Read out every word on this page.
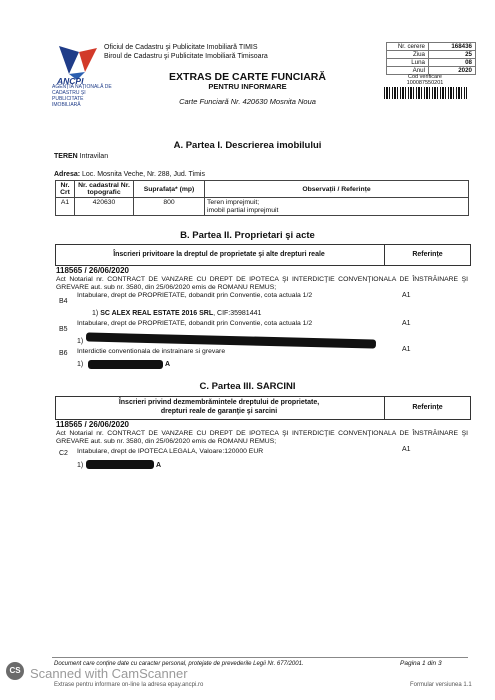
ANCPI
AGENȚIA NAȚIONALĂ DE CADASTRU ȘI PUBLICITATE IMOBILIARĂ
Oficiul de Cadastru şi Publicitate Imobiliară TIMIS
Biroul de Cadastru şi Publicitate Imobiliară Timisoara
Nr. cerere	168436
Ziua	25
Luna	08
Anul	2020
Cod verificare
100087550201
EXTRAS DE CARTE FUNCIARĂ
PENTRU INFORMARE
Carte Funciară Nr. 420630 Mosnita Noua
A. Partea I. Descrierea imobilului
TEREN Intravilan
Adresa: Loc. Mosnita Veche, Nr. 288, Jud. Timis
Nr. Crt	Nr. cadastral Nr. topografic	Suprafața* (mp)	Observații / Referințe
A1	420630	800	Teren imprejmuit;
imobil partial imprejmuit
B. Partea II. Proprietari şi acte
Înscrieri privitoare la dreptul de proprietate şi alte drepturi reale	Referințe
118565 / 26/06/2020
Act Notarial nr. CONTRACT DE VANZARE CU DREPT DE IPOTECA ŞI INTERDICŢIE CONVENŢIONALA DE ÎNSTRĂINARE ŞI GREVARE aut. sub nr. 3580, din 25/06/2020 emis de ROMANU REMUS;
B4
Intabulare, drept de PROPRIETATE, dobandit prin Conventie, cota actuala 1/2	A1
1) SC ALEX REAL ESTATE 2016 SRL, CIF:35981441
B5
Intabulare, drept de PROPRIETATE, dobandit prin Conventie, cota actuala 1/2	A1
1)
B6 Interdictie conventionala de instrainare si grevare	A1
1)	A
C. Partea III. SARCINI
Înscrieri privind dezmembrămintele dreptului de proprietate,
drepturi reale de garanţie şi sarcini	Referințe
118565 / 26/06/2020
Act Notarial nr. CONTRACT DE VANZARE CU DREPT DE IPOTECA ŞI INTERDICŢIE CONVENŢIONALA DE ÎNSTRĂINARE ŞI GREVARE aut. sub nr. 3580, din 25/06/2020 emis de ROMANU REMUS;
C2 Intabulare, drept de IPOTECA LEGALA, Valoare:120000 EUR	A1
1)	A
Document care conține date cu caracter personal, protejate de prevederile Legii Nr. 677/2001.	Pagina 1 din 3
CS Scanned with CamScanner
Extrase pentru informare on-line la adresa epay.ancpi.ro	Formular versiunea 1.1
